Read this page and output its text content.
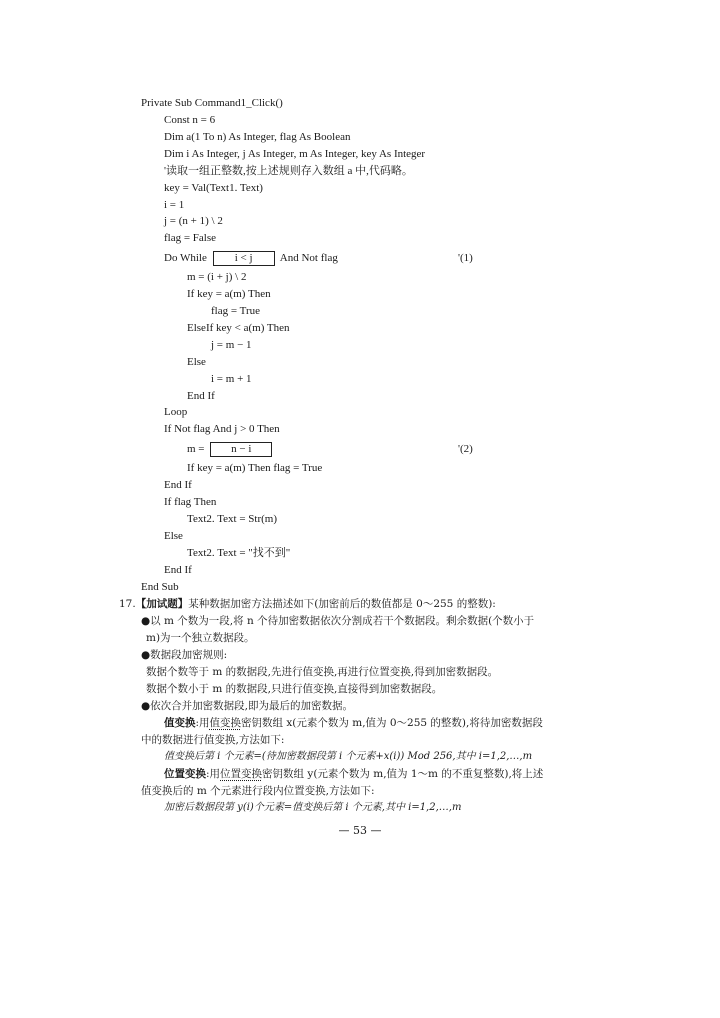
Private Sub Command1_Click()
Const n = 6
Dim a(1 To n) As Integer, flag As Boolean
Dim i As Integer, j As Integer, m As Integer, key As Integer
'读取一组正整数,按上述规则存入数组 a 中,代码略。
key = Val(Text1. Text)
i = 1
j = (n + 1) \ 2
flag = False
Do While	i < j And Not flag	'(1)
m = (i + j) \ 2
If key = a(m) Then
flag = True
ElseIf key < a(m) Then
j = m − 1
Else
i = m + 1
End If
Loop
If Not flag And j > 0 Then
m = n − i	'(2)
If key = a(m) Then flag = True
End If
If flag Then
Text2. Text = Str(m)
Else
Text2. Text = "找不到"
End If
End Sub
17.【加试题】某种数据加密方法描述如下(加密前后的数值都是 0～255 的整数):
●以 m 个数为一段,将 n 个待加密数据依次分割成若干个数据段。剩余数据(个数小于
m)为一个独立数据段。
●数据段加密规则:
数据个数等于 m 的数据段,先进行值变换,再进行位置变换,得到加密数据段。
数据个数小于 m 的数据段,只进行值变换,直接得到加密数据段。
●依次合并加密数据段,即为最后的加密数据。
值变换:用值变换密钥数组 x(元素个数为 m,值为 0～255 的整数),将待加密数据段
中的数据进行值变换,方法如下:
值变换后第 i 个元素=(待加密数据段第 i 个元素+x(i)) Mod 256,其中 i=1,2,…,m
位置变换:用位置变换密钥数组 y(元素个数为 m,值为 1～m 的不重复整数),将上述
值变换后的 m 个元素进行段内位置变换,方法如下:
加密后数据段第 y(i)个元素=值变换后第 i 个元素,其中 i=1,2,…,m
— 53 —
